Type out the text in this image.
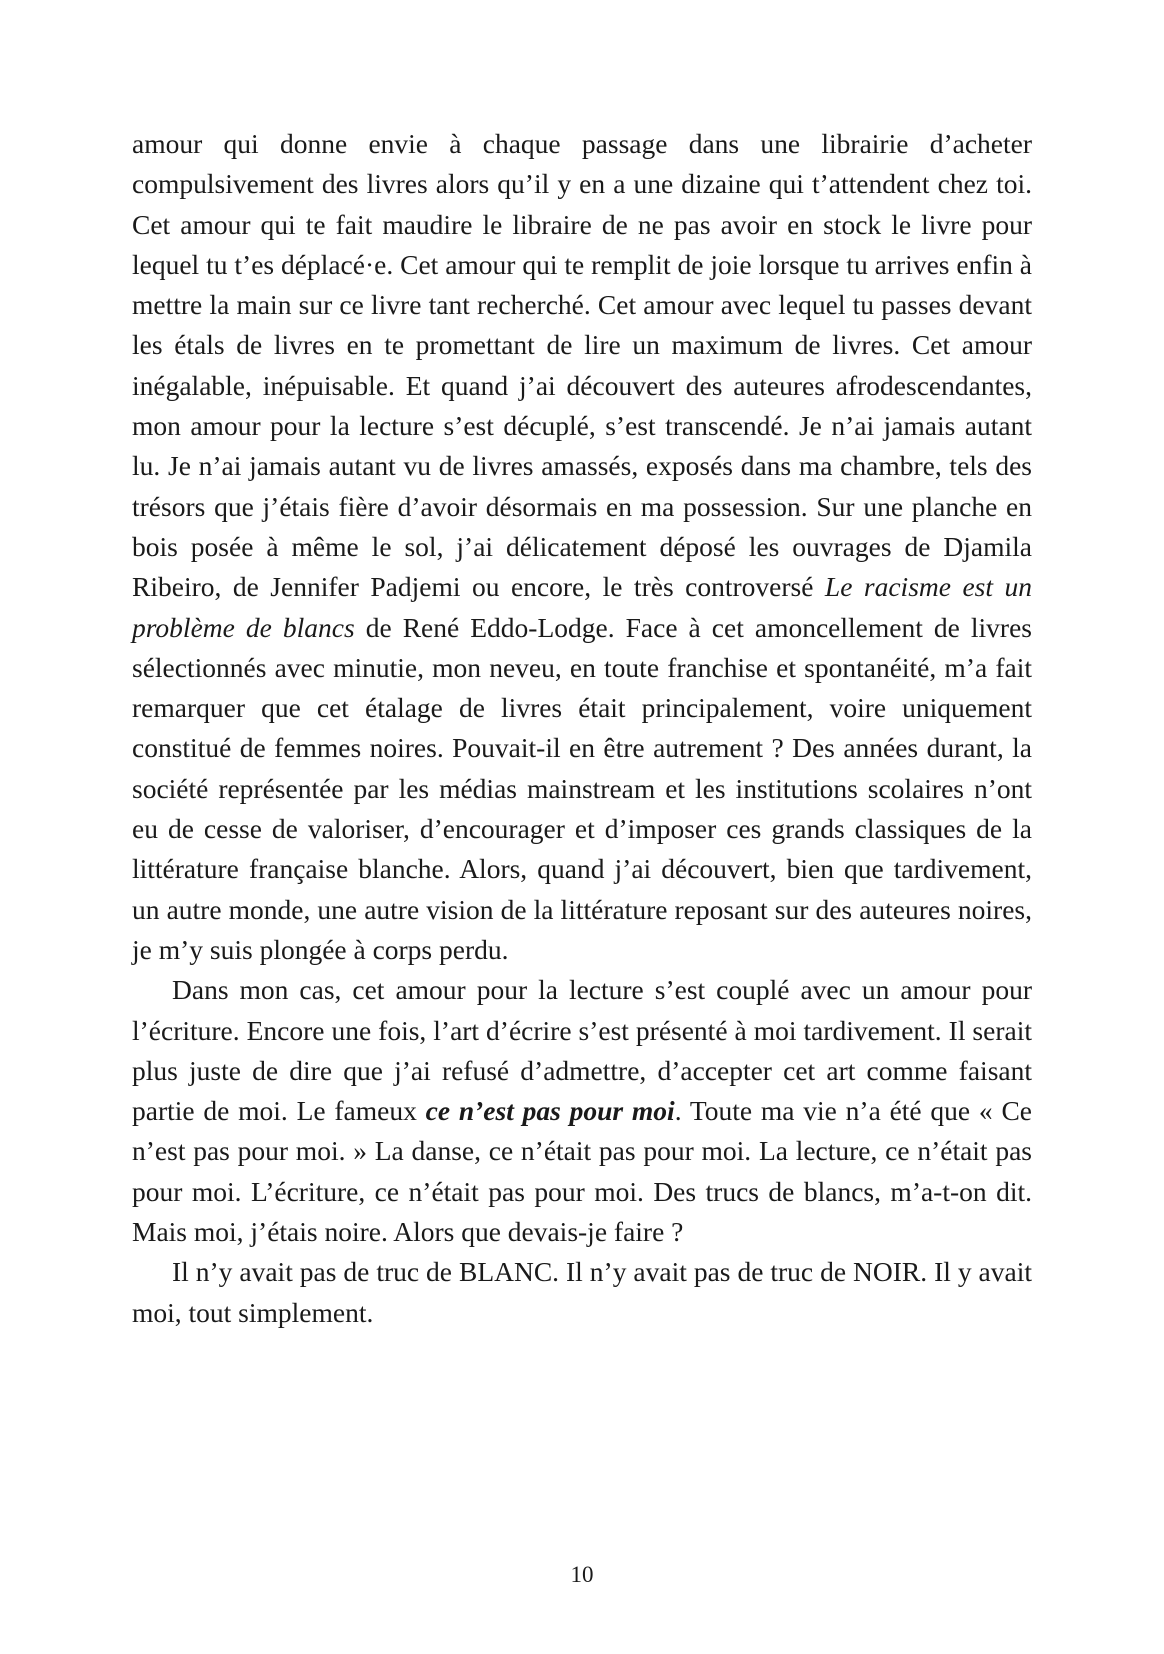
amour qui donne envie à chaque passage dans une librairie d’acheter compulsivement des livres alors qu’il y en a une dizaine qui t’attendent chez toi. Cet amour qui te fait maudire le libraire de ne pas avoir en stock le livre pour lequel tu t’es déplacé·e. Cet amour qui te remplit de joie lorsque tu arrives enfin à mettre la main sur ce livre tant recherché. Cet amour avec lequel tu passes devant les étals de livres en te promettant de lire un maximum de livres. Cet amour inégalable, inépuisable. Et quand j’ai découvert des auteures afrodescendantes, mon amour pour la lecture s’est décuplé, s’est transcendé. Je n’ai jamais autant lu. Je n’ai jamais autant vu de livres amassés, exposés dans ma chambre, tels des trésors que j’étais fière d’avoir désormais en ma possession. Sur une planche en bois posée à même le sol, j’ai délicatement déposé les ouvrages de Djamila Ribeiro, de Jennifer Padjemi ou encore, le très controversé Le racisme est un problème de blancs de René Eddo-Lodge. Face à cet amoncellement de livres sélectionnés avec minutie, mon neveu, en toute franchise et spontanéité, m’a fait remarquer que cet étalage de livres était principalement, voire uniquement constitué de femmes noires. Pouvait-il en être autrement ? Des années durant, la société représentée par les médias mainstream et les institutions scolaires n’ont eu de cesse de valoriser, d’encourager et d’imposer ces grands classiques de la littérature française blanche. Alors, quand j’ai découvert, bien que tardivement, un autre monde, une autre vision de la littérature reposant sur des auteures noires, je m’y suis plongée à corps perdu.

Dans mon cas, cet amour pour la lecture s’est couplé avec un amour pour l’écriture. Encore une fois, l’art d’écrire s’est présenté à moi tardivement. Il serait plus juste de dire que j’ai refusé d’admettre, d’accepter cet art comme faisant partie de moi. Le fameux ce n’est pas pour moi. Toute ma vie n’a été que « Ce n’est pas pour moi. » La danse, ce n’était pas pour moi. La lecture, ce n’était pas pour moi. L’écriture, ce n’était pas pour moi. Des trucs de blancs, m’a-t-on dit. Mais moi, j’étais noire. Alors que devais-je faire ?

Il n’y avait pas de truc de BLANC. Il n’y avait pas de truc de NOIR. Il y avait moi, tout simplement.

10
